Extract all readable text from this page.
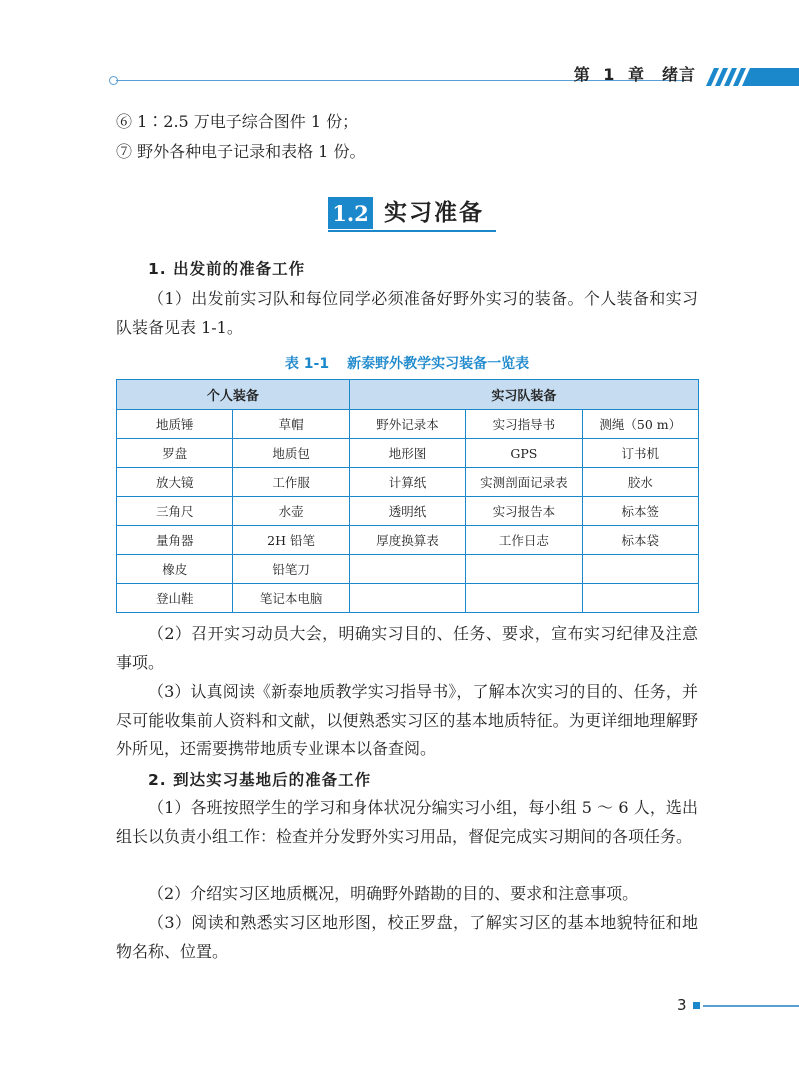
第 1 章　绪言
⑥ 1∶2.5 万电子综合图件 1 份；
⑦ 野外各种电子记录和表格 1 份。
1.2 实习准备
1. 出发前的准备工作
（1）出发前实习队和每位同学必须准备好野外实习的装备。个人装备和实习队装备见表 1-1。
表 1-1 新泰野外教学实习装备一览表
个人装备		实习队装备		
地质锤	草帽	野外记录本	实习指导书	测绳（50 m）
罗盘	地质包	地形图	GPS	订书机
放大镜	工作服	计算纸	实测剖面记录表	胶水
三角尺	水壶	透明纸	实习报告本	标本签
量角器	2H 铅笔	厚度换算表	工作日志	标本袋
橡皮	铅笔刀			
登山鞋	笔记本电脑			
（2）召开实习动员大会，明确实习目的、任务、要求，宣布实习纪律及注意事项。
（3）认真阅读《新泰地质教学实习指导书》，了解本次实习的目的、任务，并尽可能收集前人资料和文献，以便熟悉实习区的基本地质特征。为更详细地理解野外所见，还需要携带地质专业课本以备查阅。
2. 到达实习基地后的准备工作
（1）各班按照学生的学习和身体状况分编实习小组，每小组 5 ～ 6 人，选出组长以负责小组工作：检查并分发野外实习用品，督促完成实习期间的各项任务。
（2）介绍实习区地质概况，明确野外踏勘的目的、要求和注意事项。
（3）阅读和熟悉实习区地形图，校正罗盘，了解实习区的基本地貌特征和地物名称、位置。
3
